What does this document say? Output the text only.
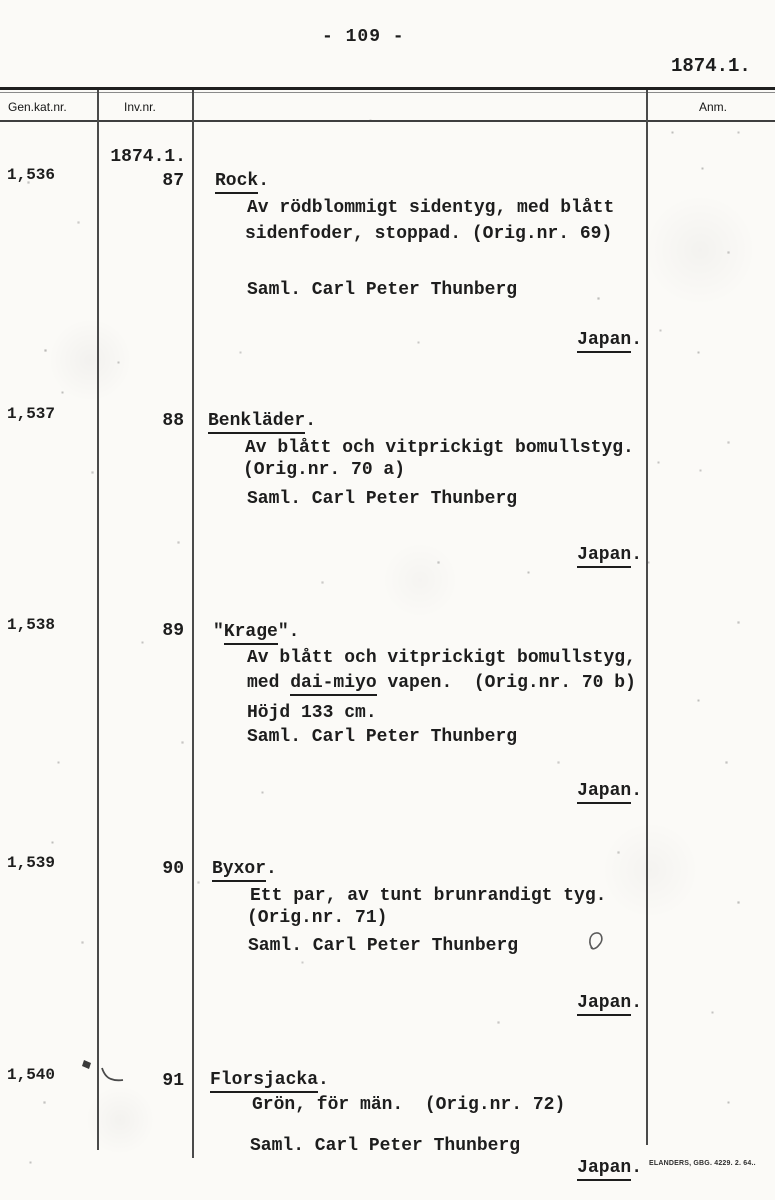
- 109 -
1874.1.
Gen.kat.nr.	Inv.nr.	Anm.
1874.1.
1,536	87 Rock.
Av rödblommigt sidentyg, med blått
sidenfoder, stoppad. (Orig.nr. 69)
Saml. Carl Peter Thunberg
Japan.
1,537	88 Benkläder.
Av blått och vitprickigt bomullstyg.
(Orig.nr. 70 a)
Saml. Carl Peter Thunberg
Japan.
1,538	89 "Krage".
Av blått och vitprickigt bomullstyg,
med dai-miyo vapen.  (Orig.nr. 70 b)
Höjd 133 cm.
Saml. Carl Peter Thunberg
Japan.
1,539	90 Byxor.
Ett par, av tunt brunrandigt tyg.
(Orig.nr. 71)
Saml. Carl Peter Thunberg
Japan.
1,540	91 Florsjacka.
Grön, för män.  (Orig.nr. 72)
Saml. Carl Peter Thunberg
Japan. ELANDERS, GBG. 4229. 2. 64..
